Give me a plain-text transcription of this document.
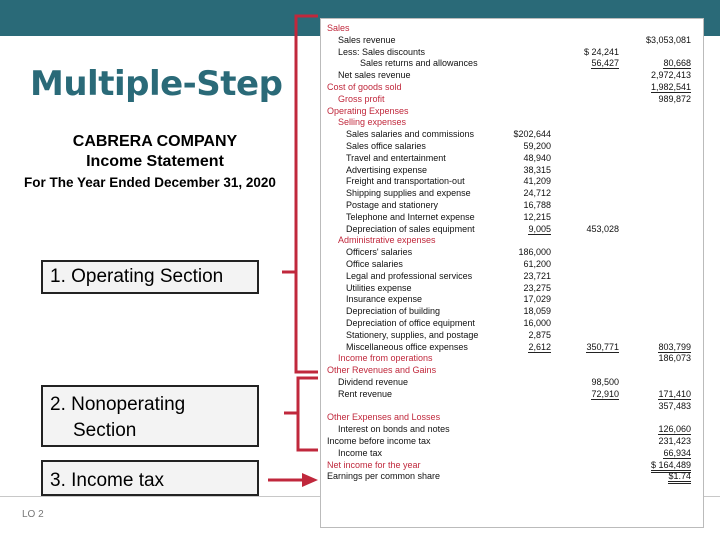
Multiple-Step
CABRERA COMPANY
Income Statement
For The Year Ended December 31, 2020
1. Operating Section
2. Nonoperating
Section
3. Income tax
LO 2
Sales
Sales revenue	$3,053,081
Less: Sales discounts	$ 24,241
Sales returns and allowances	56,427	80,668
Net sales revenue	2,972,413
Cost of goods sold	1,982,541
Gross profit	989,872
Operating Expenses
Selling expenses
Sales salaries and commissions	$202,644
Sales office salaries	59,200
Travel and entertainment	48,940
Advertising expense	38,315
Freight and transportation-out	41,209
Shipping supplies and expense	24,712
Postage and stationery	16,788
Telephone and Internet expense	12,215
Depreciation of sales equipment	9,005	453,028
Administrative expenses
Officers' salaries	186,000
Office salaries	61,200
Legal and professional services	23,721
Utilities expense	23,275
Insurance expense	17,029
Depreciation of building	18,059
Depreciation of office equipment	16,000
Stationery, supplies, and postage	2,875
Miscellaneous office expenses	2,612	350,771	803,799
Income from operations	186,073
Other Revenues and Gains
Dividend revenue	98,500
Rent revenue	72,910	171,410
357,483
Other Expenses and Losses
Interest on bonds and notes	126,060
Income before income tax	231,423
Income tax	66,934
Net income for the year	$ 164,489
Earnings per common share	$1.74
